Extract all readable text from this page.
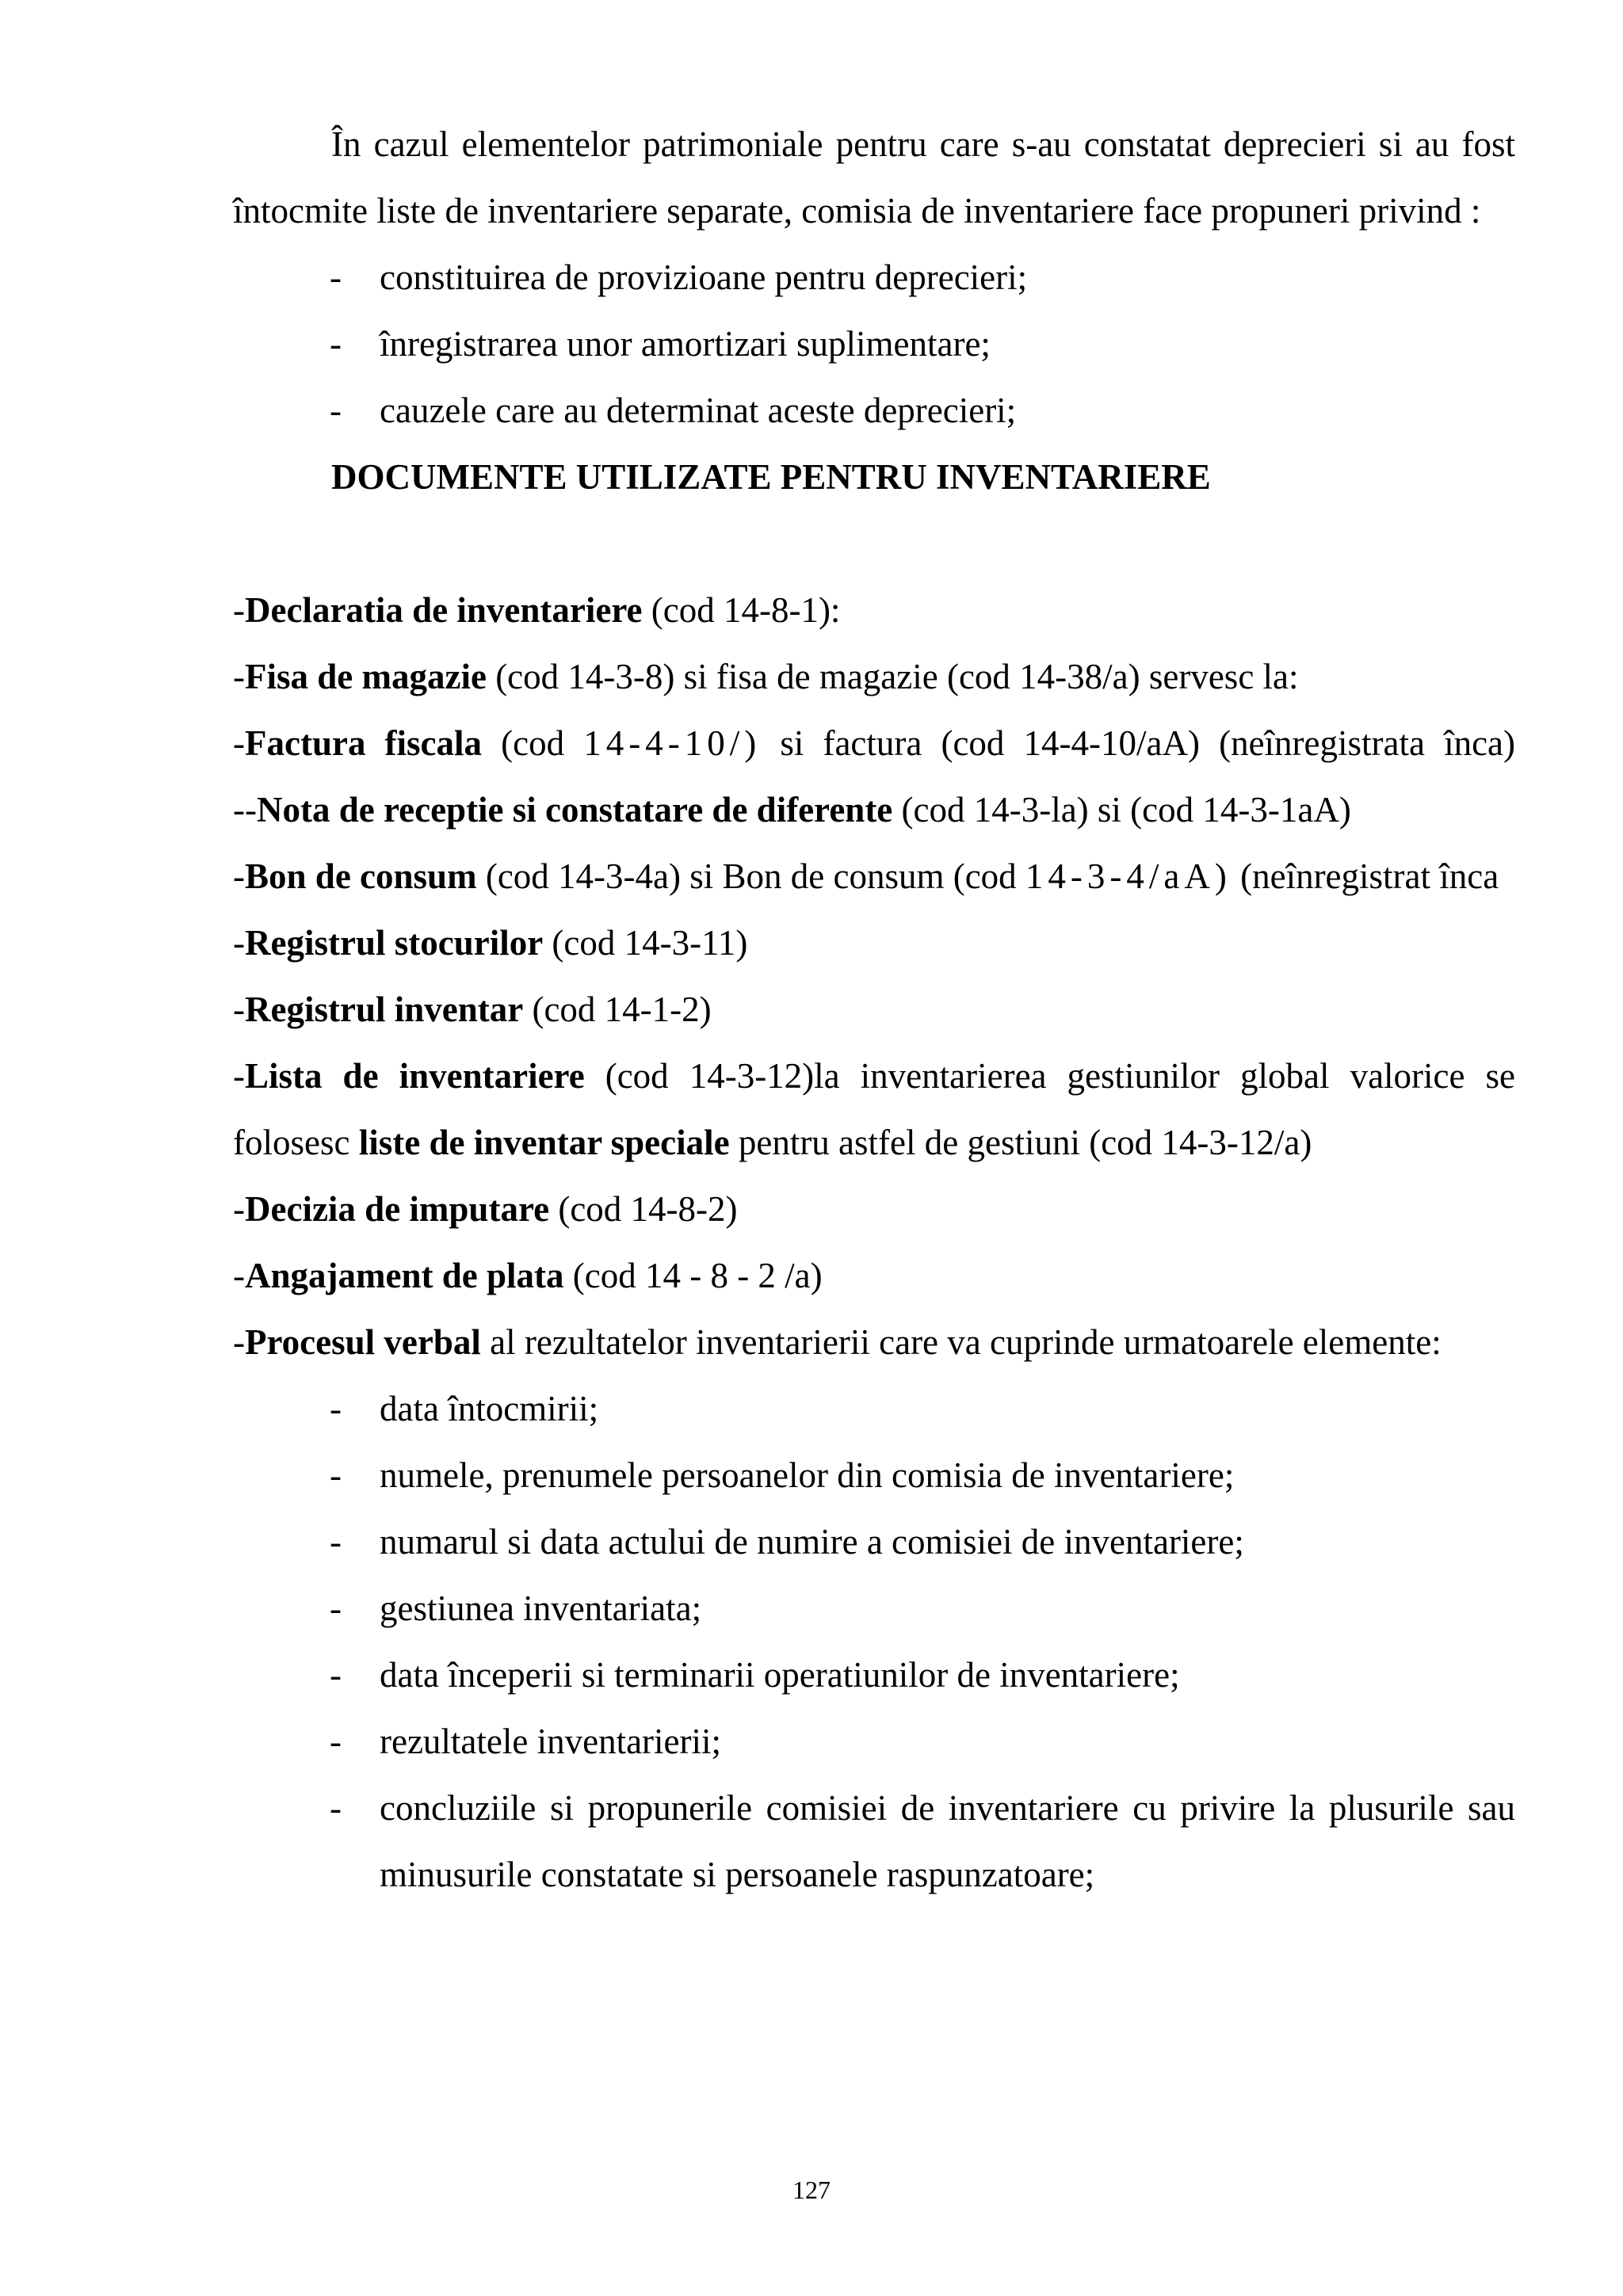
În cazul elementelor patrimoniale pentru care s-au constatat deprecieri si au fost întocmite liste de inventariere separate, comisia de inventariere face propuneri privind :

- constituirea de provizioane pentru deprecieri;

- înregistrarea unor amortizari suplimentare;

- cauzele care au determinat aceste deprecieri;

DOCUMENTE UTILIZATE PENTRU INVENTARIERE

-Declaratia de inventariere (cod 14-8-1):

-Fisa de magazie (cod 14-3-8) si fisa de magazie (cod 14-38/a) servesc la:

-Factura fiscala (cod 14-4-10/) si factura (cod 14-4-10/aA) (neînregistrata înca)

--Nota de receptie si constatare de diferente (cod 14-3-la) si (cod 14-3-1aA)

-Bon de consum (cod 14-3-4a) si Bon de consum (cod 14-3-4/aA) (neînregistrat înca

-Registrul stocurilor (cod 14-3-11)

-Registrul inventar (cod 14-1-2)

-Lista de inventariere (cod 14-3-12)la inventarierea gestiunilor global valorice se folosesc liste de inventar speciale pentru astfel de gestiuni (cod 14-3-12/a)

-Decizia de imputare (cod 14-8-2)

-Angajament de plata (cod 14 - 8 - 2 /a)

-Procesul verbal al rezultatelor inventarierii care va cuprinde urmatoarele elemente:

- data întocmirii;

- numele, prenumele persoanelor din comisia de inventariere;

- numarul si data actului de numire a comisiei de inventariere;

- gestiunea inventariata;

- data începerii si terminarii operatiunilor de inventariere;

- rezultatele inventarierii;

- concluziile si propunerile comisiei de inventariere cu privire la plusurile sau minusurile constatate si persoanele raspunzatoare;

127
